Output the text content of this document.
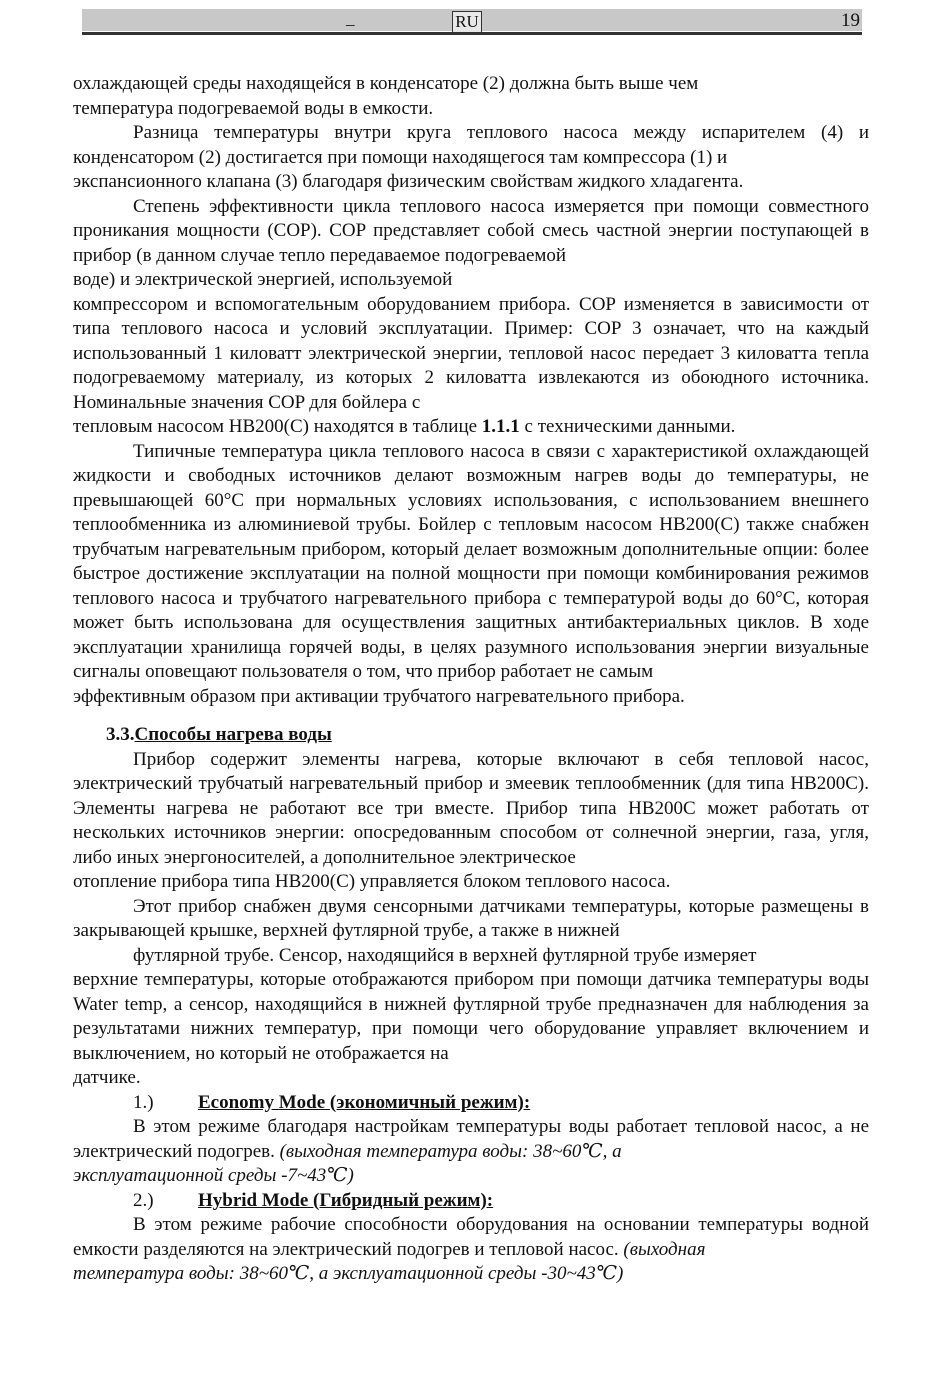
_	RU	19

охлаждающей среды находящейся в конденсаторе (2) должна быть выше чем

температура подогреваемой воды в емкости.

Разница температуры внутри круга теплового насоса между испарителем (4) и конденсатором (2) достигается при помощи находящегося там компрессора (1) и

экспансионного клапана (3) благодаря физическим свойствам жидкого хладагента.

Степень эффективности цикла теплового насоса измеряется при помощи совместного проникания мощности (COP). COP представляет собой смесь частной энергии поступающей в прибор (в данном случае тепло передаваемое подогреваемой

воде) и электрической энергией, используемой

компрессором и вспомогательным оборудованием прибора. COP изменяется в зависимости от типа теплового насоса и условий эксплуатации. Пример: COP 3 означает, что на каждый использованный 1 киловатт электрической энергии, тепловой насос передает 3 киловатта тепла подогреваемому материалу, из которых 2 киловатта извлекаются из обоюдного источника. Номинальные значения COP для бойлера с

тепловым насосом HB200(C) находятся в таблице 1.1.1 с техническими данными.

Типичные температура цикла теплового насоса в связи с характеристикой охлаждающей жидкости и свободных источников делают возможным нагрев воды до температуры, не превышающей 60°C при нормальных условиях использования, с использованием внешнего теплообменника из алюминиевой трубы. Бойлер с тепловым насосом HB200(C) также снабжен трубчатым нагревательным прибором, который делает возможным дополнительные опции: более быстрое достижение эксплуатации на полной мощности при помощи комбинирования режимов теплового насоса и трубчатого нагревательного прибора с температурой воды до 60°C, которая может быть использована для осуществления защитных антибактериальных циклов. В ходе эксплуатации хранилища горячей воды, в целях разумного использования энергии визуальные сигналы оповещают пользователя о том, что прибор работает не самым

эффективным образом при активации трубчатого нагревательного прибора.

3.3.Способы нагрева воды

Прибор содержит элементы нагрева, которые включают в себя тепловой насос, электрический трубчатый нагревательный прибор и змеевик теплообменник (для типа HB200C). Элементы нагрева не работают все три вместе. Прибор типа HB200C может работать от нескольких источников энергии: опосредованным способом от солнечной энергии, газа, угля, либо иных энергоносителей, а дополнительное электрическое

отопление прибора типа HB200(C) управляется блоком теплового насоса.

Этот прибор снабжен двумя сенсорными датчиками температуры, которые размещены в закрывающей крышке, верхней футлярной трубе, а также в нижней

футлярной трубе. Сенсор, находящийся в верхней футлярной трубе измеряет

верхние температуры, которые отображаются прибором при помощи датчика температуры воды Water temp, а сенсор, находящийся в нижней футлярной трубе предназначен для наблюдения за результатами нижних температур, при помощи чего оборудование управляет включением и выключением, но который не отображается на

датчике.

1.) Economy Mode (экономичный режим):

В этом режиме благодаря настройкам температуры воды работает тепловой насос, а не электрический подогрев. (выходная температура воды: 38~60℃, а

эксплуатационной среды -7~43℃)

2.) Hybrid Mode (Гибридный режим):

В этом режиме рабочие способности оборудования на основании температуры водной емкости разделяются на электрический подогрев и тепловой насос. (выходная

температура воды: 38~60℃, а эксплуатационной среды -30~43℃)
